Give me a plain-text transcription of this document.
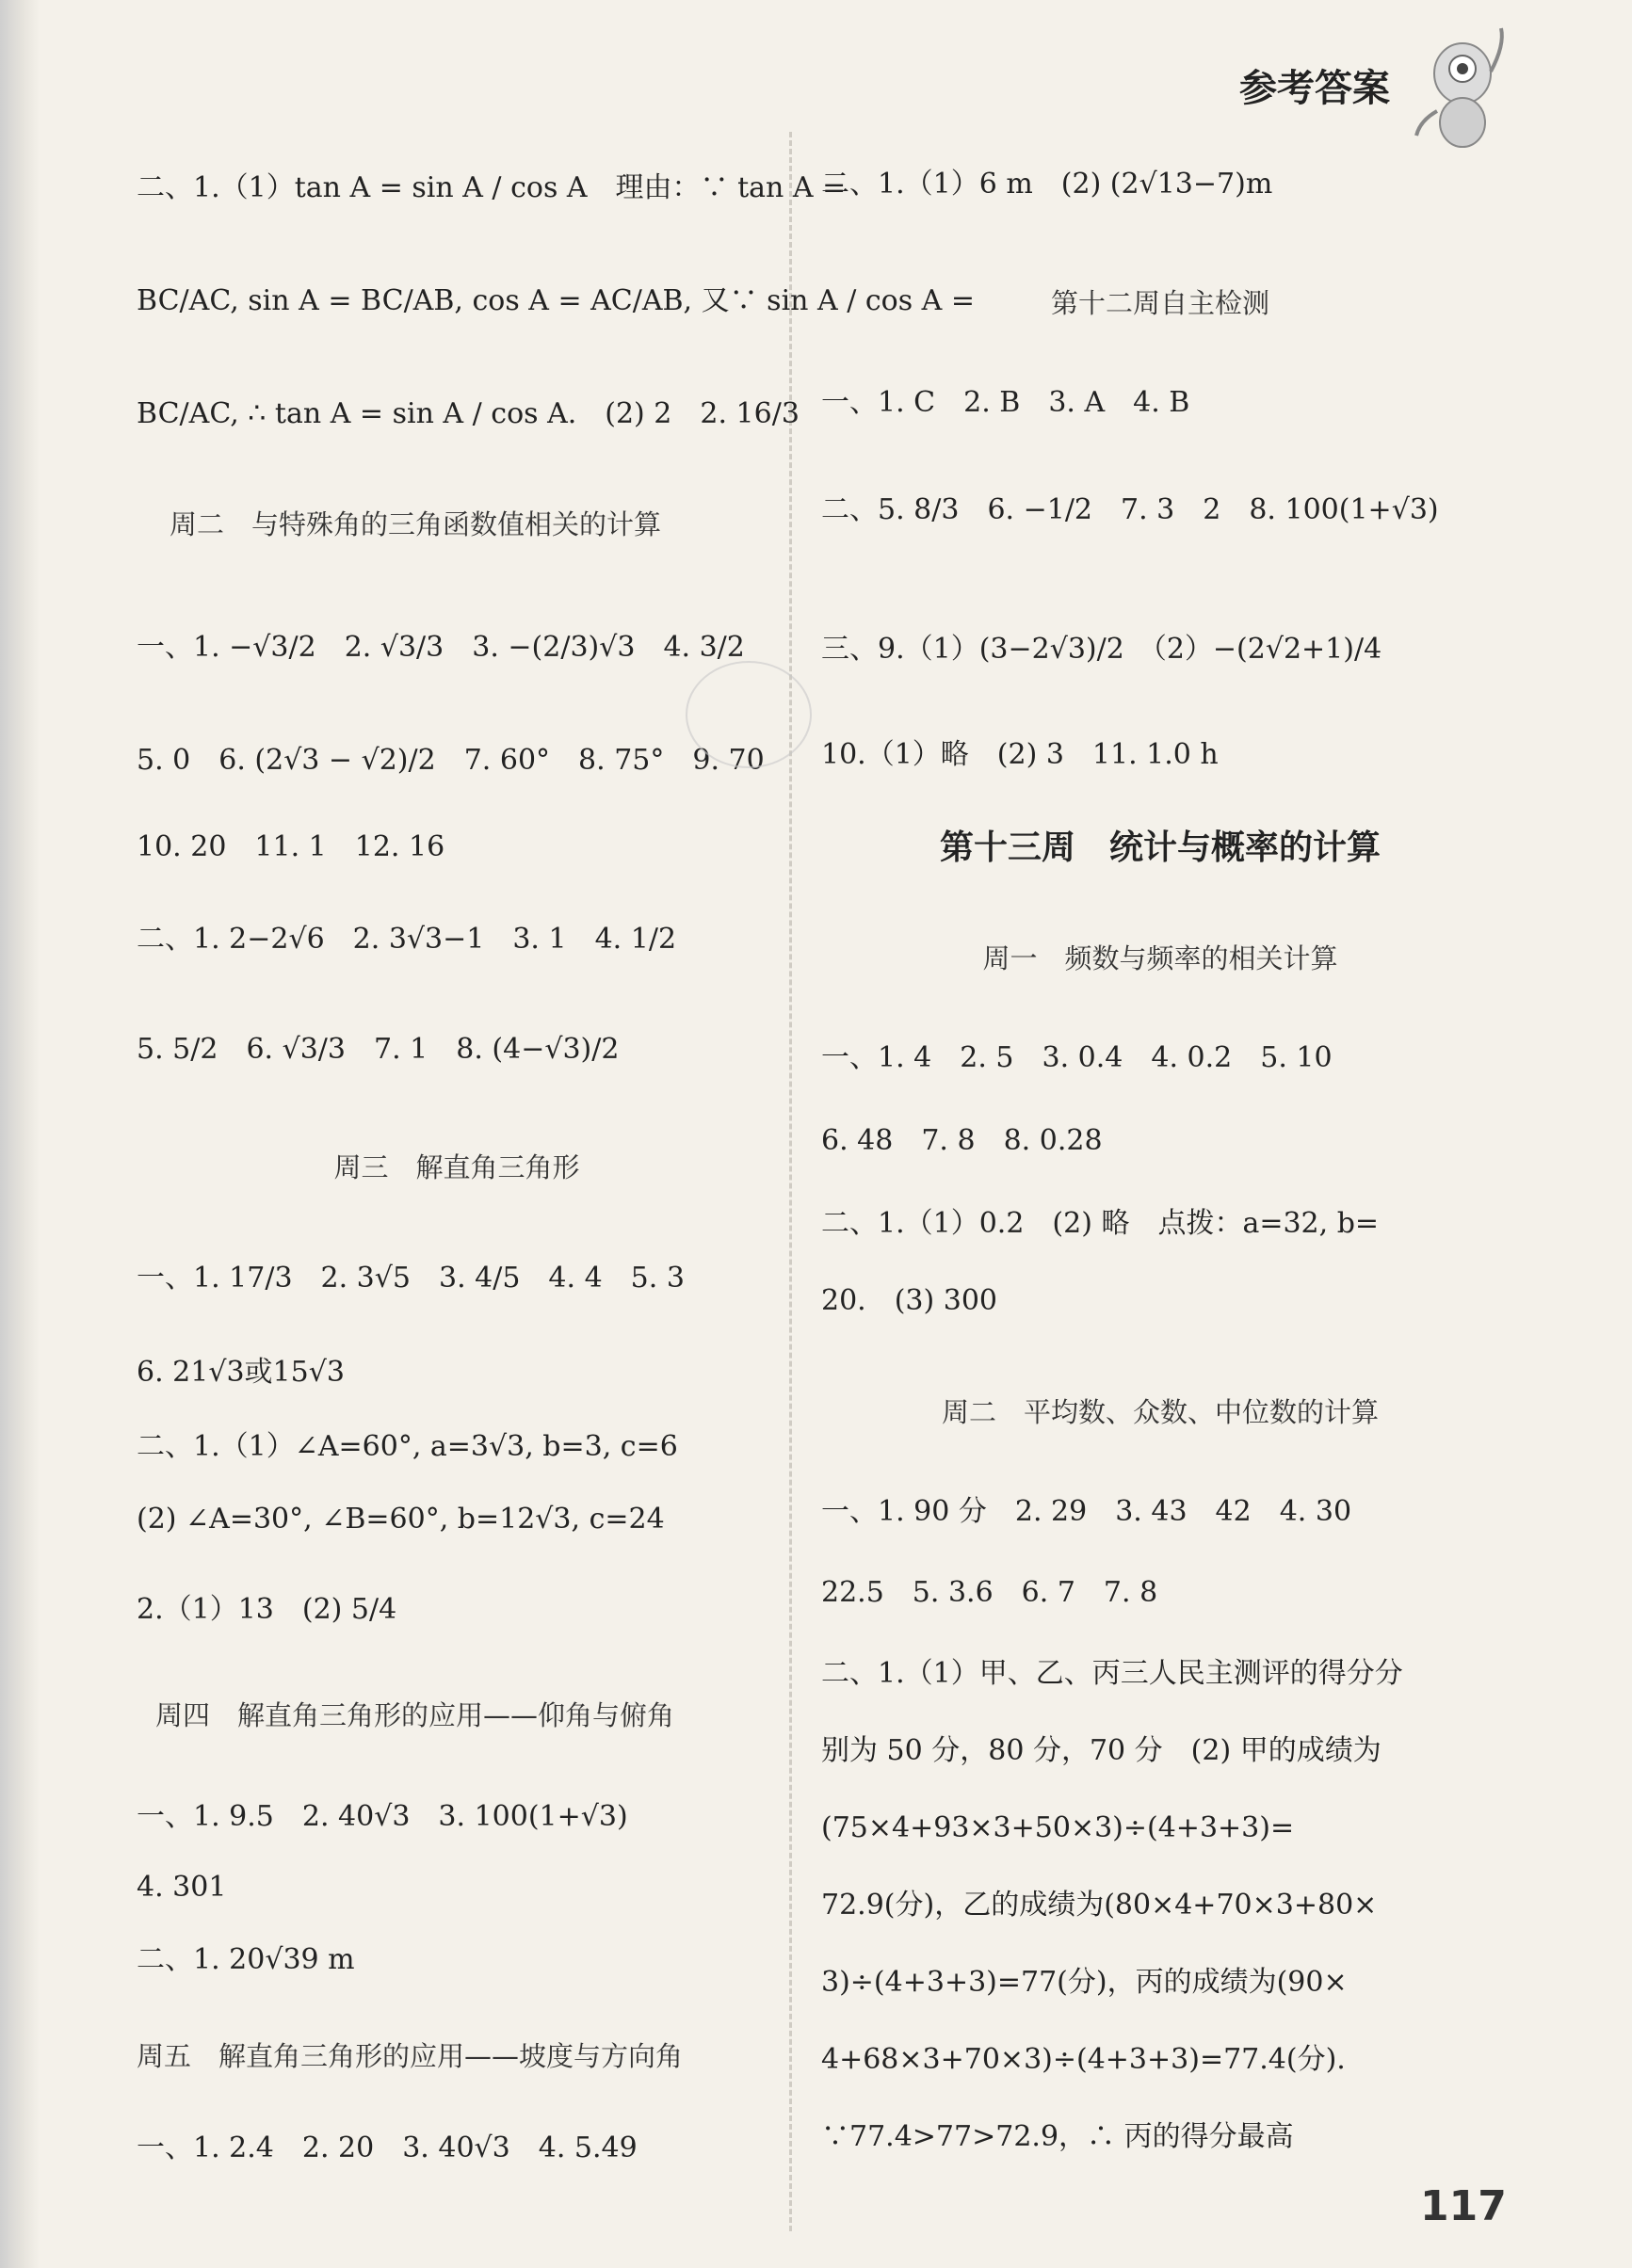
参考答案
二、1.（1）tan A = sin A / cos A　理由：∵ tan A =
BC/AC, sin A = BC/AB, cos A = AC/AB, 又∵ sin A / cos A =
BC/AC, ∴ tan A = sin A / cos A.　(2) 2　2. 16/3
周二　与特殊角的三角函数值相关的计算
一、1. −√3/2　2. √3/3　3. −(2/3)√3　4. 3/2
5. 0　6. (2√3 − √2)/2　7. 60°　8. 75°　9. 70
10. 20　11. 1　12. 16
二、1. 2−2√6　2. 3√3−1　3. 1　4. 1/2
5. 5/2　6. √3/3　7. 1　8. (4−√3)/2
周三　解直角三角形
一、1. 17/3　2. 3√5　3. 4/5　4. 4　5. 3
6. 21√3或15√3
二、1.（1）∠A=60°, a=3√3, b=3, c=6
(2) ∠A=30°, ∠B=60°, b=12√3, c=24
2.（1）13　(2) 5/4
周四　解直角三角形的应用——仰角与俯角
一、1. 9.5　2. 40√3　3. 100(1+√3)
4. 301
二、1. 20√39 m
周五　解直角三角形的应用——坡度与方向角
一、1. 2.4　2. 20　3. 40√3　4. 5.49
二、1.（1）6 m　(2) (2√13−7)m
第十二周自主检测
一、1. C　2. B　3. A　4. B
二、5. 8/3　6. −1/2　7. 3　2　8. 100(1+√3)
三、9.（1）(3−2√3)/2　（2）−(2√2+1)/4
10.（1）略　(2) 3　11. 1.0 h
第十三周　统计与概率的计算
周一　频数与频率的相关计算
一、1. 4　2. 5　3. 0.4　4. 0.2　5. 10
6. 48　7. 8　8. 0.28
二、1.（1）0.2　(2) 略　点拨：a=32, b=
20.　(3) 300
周二　平均数、众数、中位数的计算
一、1. 90 分　2. 29　3. 43　42　4. 30
22.5　5. 3.6　6. 7　7. 8
二、1.（1）甲、乙、丙三人民主测评的得分分
别为 50 分，80 分，70 分　(2) 甲的成绩为
(75×4+93×3+50×3)÷(4+3+3)=
72.9(分)，乙的成绩为(80×4+70×3+80×
3)÷(4+3+3)=77(分)，丙的成绩为(90×
4+68×3+70×3)÷(4+3+3)=77.4(分).
∵77.4>77>72.9，∴ 丙的得分最高
117
